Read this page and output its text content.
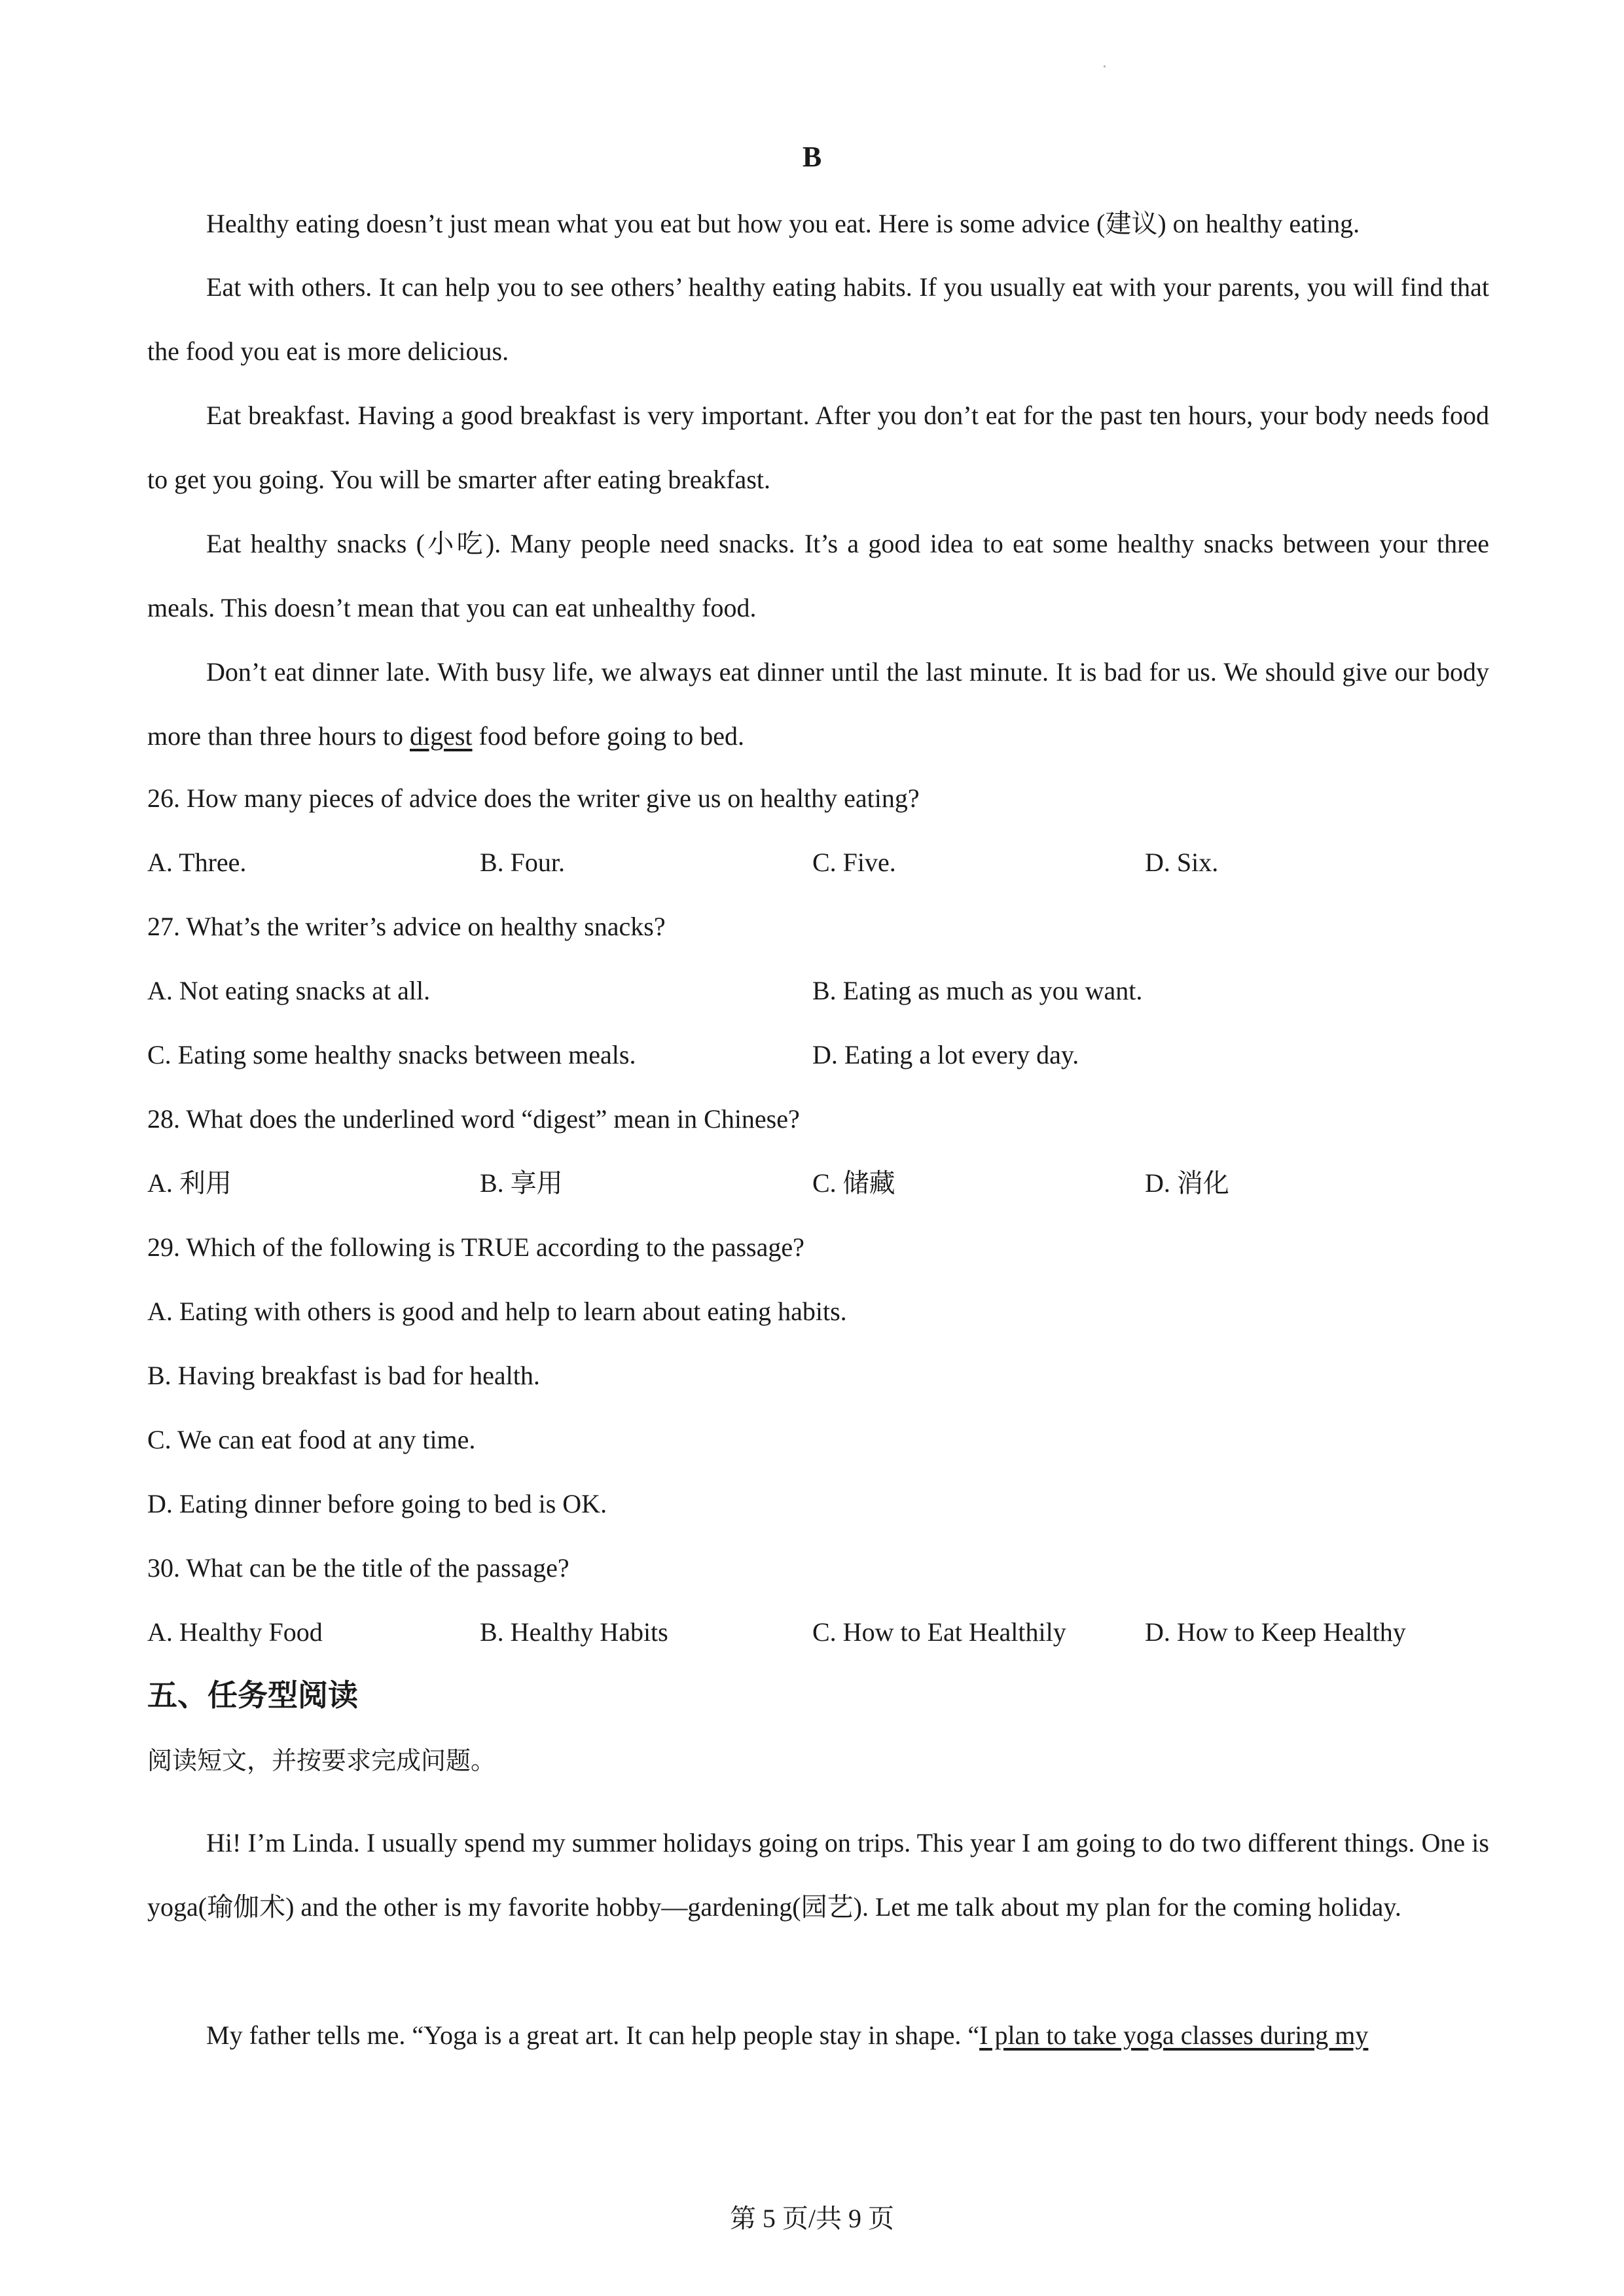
B

Healthy eating doesn’t just mean what you eat but how you eat. Here is some advice (建议) on healthy eating.

Eat with others. It can help you to see others’ healthy eating habits. If you usually eat with your parents, you will find that the food you eat is more delicious.

Eat breakfast. Having a good breakfast is very important. After you don’t eat for the past ten hours, your body needs food to get you going. You will be smarter after eating breakfast.

Eat healthy snacks (小吃). Many people need snacks. It’s a good idea to eat some healthy snacks between your three meals. This doesn’t mean that you can eat unhealthy food.

Don’t eat dinner late. With busy life, we always eat dinner until the last minute. It is bad for us. We should give our body more than three hours to digest food before going to bed.

26. How many pieces of advice does the writer give us on healthy eating?
A. Three.	B. Four.	C. Five.	D. Six.
27. What’s the writer’s advice on healthy snacks?
A. Not eating snacks at all.	B. Eating as much as you want.
C. Eating some healthy snacks between meals.	D. Eating a lot every day.
28. What does the underlined word “digest” mean in Chinese?
A. 利用	B. 享用	C. 储藏	D. 消化
29. Which of the following is TRUE according to the passage?
A. Eating with others is good and help to learn about eating habits.
B. Having breakfast is bad for health.
C. We can eat food at any time.
D. Eating dinner before going to bed is OK.
30. What can be the title of the passage?
A. Healthy Food	B. Healthy Habits	C. How to Eat Healthily	D. How to Keep Healthy
五、任务型阅读
阅读短文，并按要求完成问题。

Hi! I’m Linda. I usually spend my summer holidays going on trips. This year I am going to do two different things. One is yoga(瑜伽术) and the other is my favorite hobby—gardening(园艺). Let me talk about my plan for the coming holiday.

My father tells me. “Yoga is a great art. It can help people stay in shape. “I plan to take yoga classes during my

第 5 页/共 9 页
